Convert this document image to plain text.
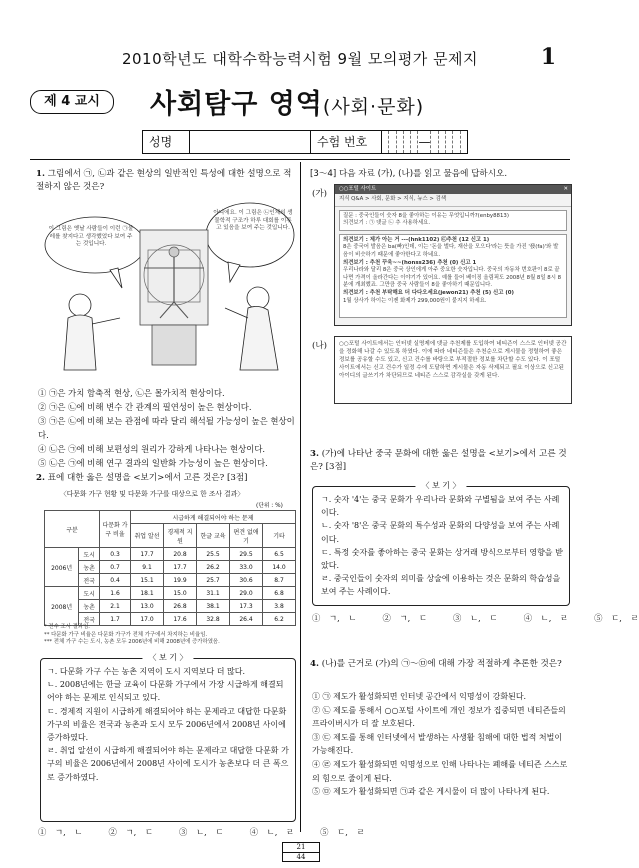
2010학년도 대학수학능력시험 9월 모의평가 문제지	1
제 4 교시	사회탐구 영역(사회·문화)
성명	수험 번호	—
1. 그림에서 ㉠, ㉡과 같은 현상의 일반적인 특성에 대한 설명으로 적절하지 않은 것은?
이 그림은 옛날 사람들이 이런 ㉠물레를 찾지다고 생각했었다 보여 주는 것입니다.
아니에요. 이 그림은 ㉡인체의 생물학적 구조가 하루 대회를 이루고 있음을 보여 주는 것입니다.
① ㉠은 가치 함축적 현상, ㉡은 몰가치적 현상이다.
② ㉠은 ㉡에 비해 변수 간 관계의 필연성이 높은 현상이다.
③ ㉠은 ㉡에 비해 보는 관점에 따라 달리 해석될 가능성이 높은 현상이다.
④ ㉡은 ㉠에 비해 보편성의 원리가 강하게 나타나는 현상이다.
⑤ ㉡은 ㉠에 비해 연구 결과의 일반화 가능성이 높은 현상이다.
2. 표에 대한 옳은 설명을 <보기>에서 고른 것은? [3점]
〈다문화 가구 현황 및 다문화 가구를 대상으로 한 조사 결과〉
(단위 : %)
구분		다문화 가구 비율	시급하게 해결되어야 하는 문제				
			취업 알선	경제적 지원	한글 교육	편견 없애기	기타
2006년	도시	0.3	17.7	20.8	25.5	29.5	6.5
	농촌	0.7	9.1	17.7	26.2	33.0	14.0
	전국	0.4	15.1	19.9	25.7	30.6	8.7
2008년	도시	1.6	18.1	15.0	31.1	29.0	6.8
	농촌	2.1	13.0	26.8	38.1	17.3	3.8
	전국	1.7	17.0	17.6	32.8	26.4	6.2
* 전수 조사 결과임.
** 다문화 가구 비율은 다문화 가구가 전체 가구에서 차지하는 비율임.
*** 전체 가구 수는 도시, 농촌 모두 2006년에 비해 2008년에 증가하였음.
〈 보 기 〉
ㄱ. 다문화 가구 수는 농촌 지역이 도시 지역보다 더 많다.
ㄴ. 2008년에는 한글 교육이 다문화 가구에서 가장 시급하게 해결되어야 하는 문제로 인식되고 있다.
ㄷ. 경제적 지원이 시급하게 해결되어야 하는 문제라고 대답한 다문화 가구의 비율은 전국과 농촌과 도시 모두 2006년에서 2008년 사이에 증가하였다.
ㄹ. 취업 알선이 시급하게 해결되어야 하는 문제라고 대답한 다문화 가구의 비율은 2006년에서 2008년 사이에 도시가 농촌보다 더 큰 폭으로 증가하였다.
① ㄱ, ㄴ   ② ㄱ, ㄷ   ③ ㄴ, ㄷ   ④ ㄴ, ㄹ   ⑤ ㄷ, ㄹ
[3～4] 다음 자료 (가), (나)를 읽고 물음에 답하시오.
(가)	○○포털 사이트	✕
지식 Q&A > 사회, 문화 > 지식, 뉴스 > 검색
질문 : 중국인들이 숫자 8을 좋아하는 이유는 무엇입니까?(enby8813)
의견보기 : ㉠ 댓글 ㉡ 추 사용하세요.
의견보기 : 제가 아는 거 ---(hnk1102) ㉢추천 (12 신고 1)
8은 중국어 발음은 ba(빠)인데, 이는 '돈을 벌다, 재산을 모으다'라는 뜻을 가진 '發(fa)'와 발음이 비슷하기 때문에 좋아한다고 하네요.
의견보기 : 추천 꾸욱~~(honss236) 추천 (0) 신고 1
우리나라와 달리 8은 중국 상인에게 아주 중요한 숫자입니다. 중국의 자동차 번호판이 8로 끝나면 가격이 올라간다는 이야기가 있어요. 예를 들어 베이징 올림픽도 2008년 8월 8일 8시 8분에 개최했죠. 그만큼 중국 사람들이 8을 좋아하기 때문입니다.
의견보기 : 추천 부탁해요 더 다다오세요(jewon21) 추천 (5) 신고 (0)
1월 상사가 하이는 이젠 화제가 299,000원이 붙지지 하세요.
(나)	○○포털 사이트에서는 인터넷 실명제에 댓글 추천제를 도입하여 네티즌이 스스로 인터넷 공간을 정화해 나갈 수 있도록 하였다. 이에 따라 네티즌들은 추천순으로 게시물을 정렬하여 좋은 정보를 공유할 수도 있고, 신고 건수를 바탕으로 부적절한 정보를 차단할 수도 있다. 이 포털 사이트에서는 신고 건수가 일정 수에 도달하면 게시물은 자동 삭제되고 필요 이상으로 신고된 아이디의 글쓰기가 차단되므로 네티즌 스스로 감각실을 갖게 된다.
3. (가)에 나타난 중국 문화에 대한 옳은 설명을 <보기>에서 고른 것은? [3점]
〈 보 기 〉
ㄱ. 숫자 '4'는 중국 문화가 우리나라 문화와 구별됨을 보여 주는 사례이다.
ㄴ. 숫자 '8'은 중국 문화의 특수성과 문화의 다양성을 보여 주는 사례이다.
ㄷ. 특정 숫자를 좋아하는 중국 문화는 상거래 방식으로부터 영향을 받았다.
ㄹ. 중국인들이 숫자의 의미를 상술에 이용하는 것은 문화의 학습성을 보여 주는 사례이다.
① ㄱ, ㄴ   ② ㄱ, ㄷ   ③ ㄴ, ㄷ   ④ ㄴ, ㄹ   ⑤ ㄷ, ㄹ
4. (나)를 근거로 (가)의 ㉠～㉤에 대해 가장 적절하게 추론한 것은?
① ㉠ 제도가 활성화되면 인터넷 공간에서 익명성이 강화된다.
② ㉡ 제도를 통해서 ○○포털 사이트에 개인 정보가 집중되면 네티즌들의 프라이버시가 더 잘 보호된다.
③ ㉢ 제도를 통해 인터넷에서 발생하는 사생활 침해에 대한 법적 처벌이 가능해진다.
④ ㉣ 제도가 활성화되면 익명성으로 인해 나타나는 폐해를 네티즌 스스로의 힘으로 줄이게 된다.
⑤ ㉤ 제도가 활성화되면 ㉠과 같은 게시물이 더 많이 나타나게 된다.
21
44
